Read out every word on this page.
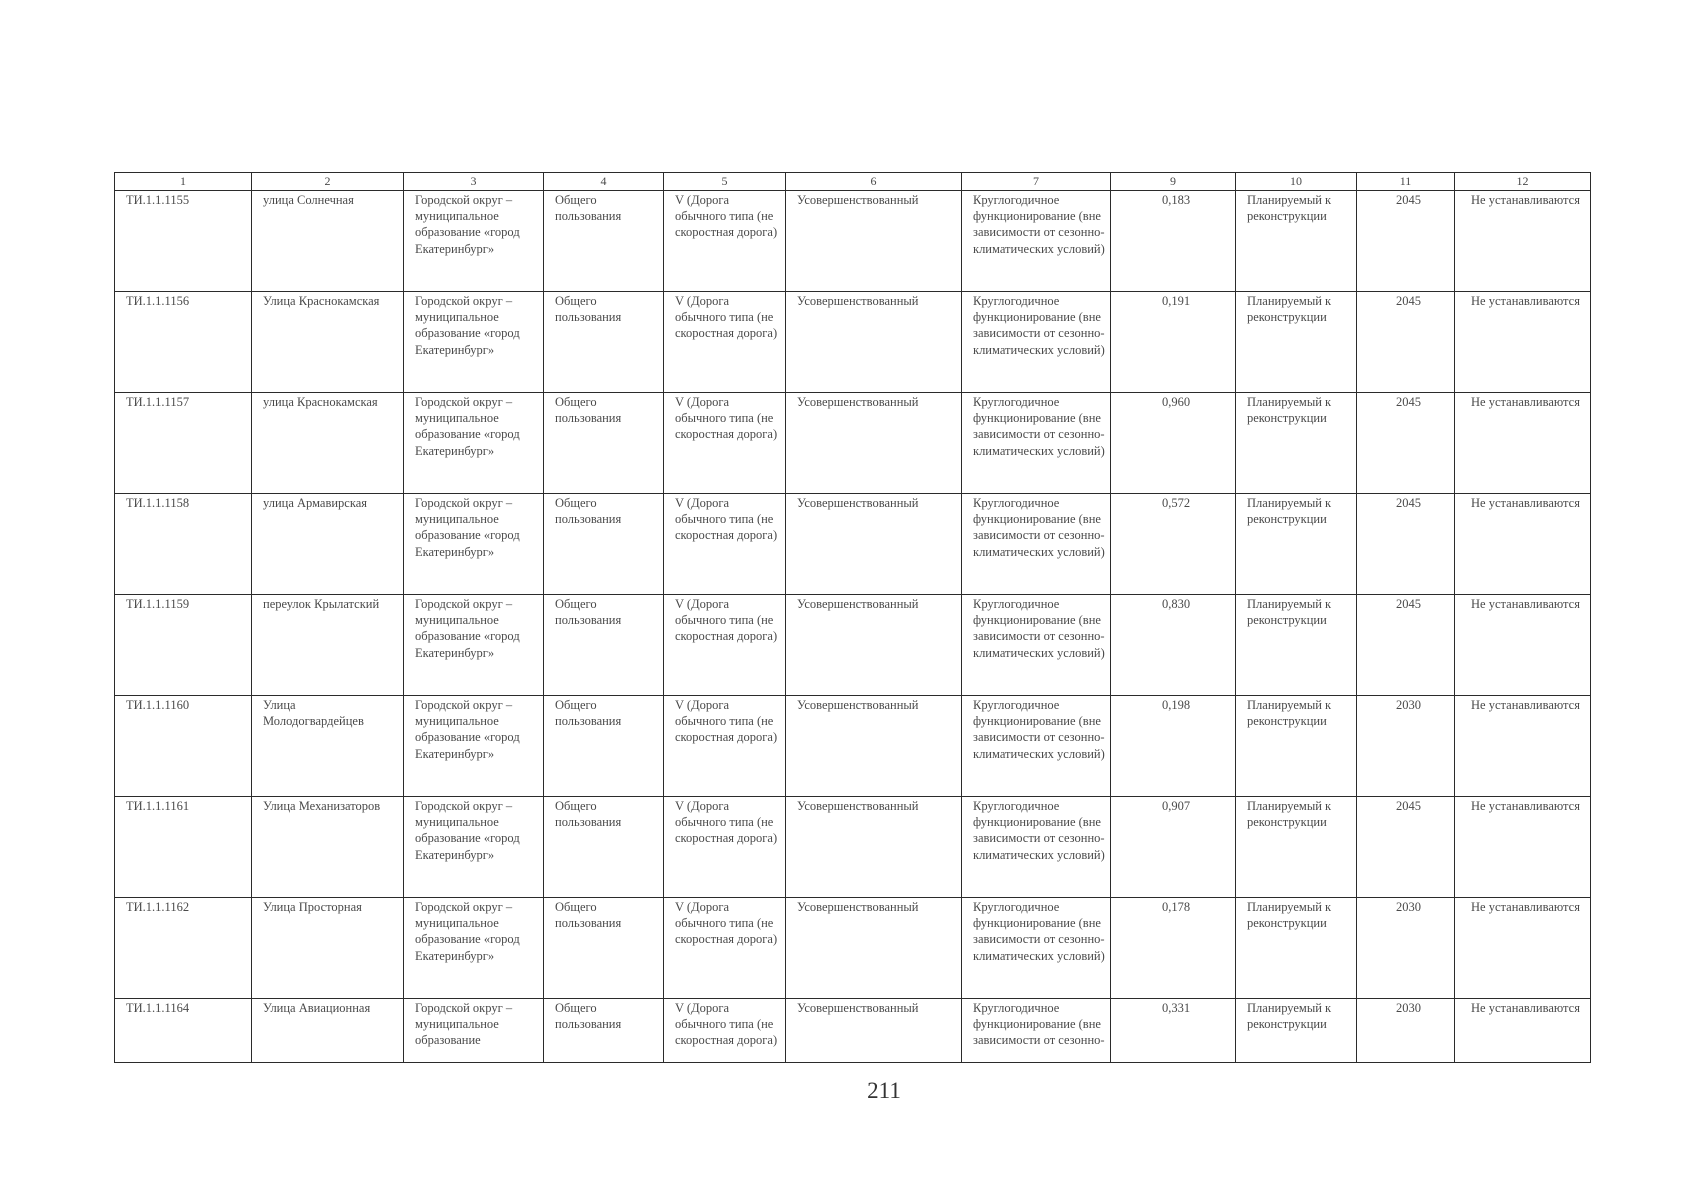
1	2	3	4	5	6	7	9	10	11	12
ТИ.1.1.1155	улица Солнечная	Городской округ – муниципальное образование «город Екатеринбург»	Общего пользования	V (Дорога обычного типа (не скоростная дорога)	Усовершенствованный	Круглогодичное функционирование (вне зависимости от сезонно-климатических условий)	0,183	Планируемый к реконструкции	2045	Не устанавливаются
ТИ.1.1.1156	Улица Краснокамская	Городской округ – муниципальное образование «город Екатеринбург»	Общего пользования	V (Дорога обычного типа (не скоростная дорога)	Усовершенствованный	Круглогодичное функционирование (вне зависимости от сезонно-климатических условий)	0,191	Планируемый к реконструкции	2045	Не устанавливаются
ТИ.1.1.1157	улица Краснокамская	Городской округ – муниципальное образование «город Екатеринбург»	Общего пользования	V (Дорога обычного типа (не скоростная дорога)	Усовершенствованный	Круглогодичное функционирование (вне зависимости от сезонно-климатических условий)	0,960	Планируемый к реконструкции	2045	Не устанавливаются
ТИ.1.1.1158	улица Армавирская	Городской округ – муниципальное образование «город Екатеринбург»	Общего пользования	V (Дорога обычного типа (не скоростная дорога)	Усовершенствованный	Круглогодичное функционирование (вне зависимости от сезонно-климатических условий)	0,572	Планируемый к реконструкции	2045	Не устанавливаются
ТИ.1.1.1159	переулок Крылатский	Городской округ – муниципальное образование «город Екатеринбург»	Общего пользования	V (Дорога обычного типа (не скоростная дорога)	Усовершенствованный	Круглогодичное функционирование (вне зависимости от сезонно-климатических условий)	0,830	Планируемый к реконструкции	2045	Не устанавливаются
ТИ.1.1.1160	Улица Молодогвардейцев	Городской округ – муниципальное образование «город Екатеринбург»	Общего пользования	V (Дорога обычного типа (не скоростная дорога)	Усовершенствованный	Круглогодичное функционирование (вне зависимости от сезонно-климатических условий)	0,198	Планируемый к реконструкции	2030	Не устанавливаются
ТИ.1.1.1161	Улица Механизаторов	Городской округ – муниципальное образование «город Екатеринбург»	Общего пользования	V (Дорога обычного типа (не скоростная дорога)	Усовершенствованный	Круглогодичное функционирование (вне зависимости от сезонно-климатических условий)	0,907	Планируемый к реконструкции	2045	Не устанавливаются
ТИ.1.1.1162	Улица Просторная	Городской округ – муниципальное образование «город Екатеринбург»	Общего пользования	V (Дорога обычного типа (не скоростная дорога)	Усовершенствованный	Круглогодичное функционирование (вне зависимости от сезонно-климатических условий)	0,178	Планируемый к реконструкции	2030	Не устанавливаются
ТИ.1.1.1164	Улица Авиационная	Городской округ – муниципальное образование	Общего пользования	V (Дорога обычного типа (не скоростная дорога)	Усовершенствованный	Круглогодичное функционирование (вне зависимости от сезонно-	0,331	Планируемый к реконструкции	2030	Не устанавливаются
211
